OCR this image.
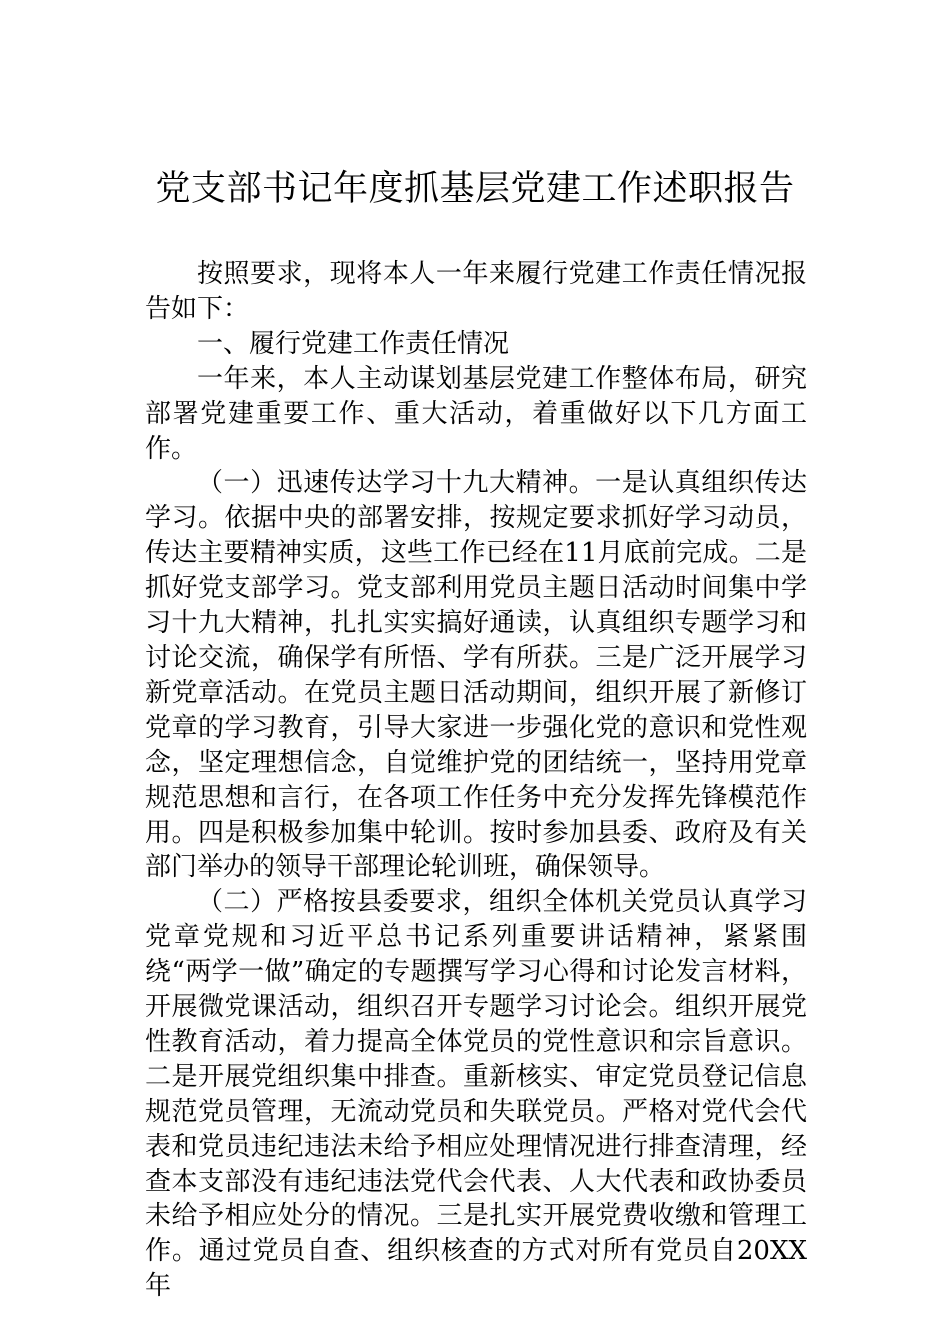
党支部书记年度抓基层党建工作述职报告

按照要求，现将本人一年来履行党建工作责任情况报告如下：

一、履行党建工作责任情况

一年来，本人主动谋划基层党建工作整体布局，研究部署党建重要工作、重大活动，着重做好以下几方面工作。

（一）迅速传达学习十九大精神。一是认真组织传达学习。依据中央的部署安排，按规定要求抓好学习动员，传达主要精神实质，这些工作已经在11月底前完成。二是抓好党支部学习。党支部利用党员主题日活动时间集中学习十九大精神，扎扎实实搞好通读，认真组织专题学习和讨论交流，确保学有所悟、学有所获。三是广泛开展学习新党章活动。在党员主题日活动期间，组织开展了新修订党章的学习教育，引导大家进一步强化党的意识和党性观念，坚定理想信念，自觉维护党的团结统一，坚持用党章规范思想和言行，在各项工作任务中充分发挥先锋模范作用。四是积极参加集中轮训。按时参加县委、政府及有关部门举办的领导干部理论轮训班，确保领导。

（二）严格按县委要求，组织全体机关党员认真学习党章党规和习近平总书记系列重要讲话精神，紧紧围绕“两学一做”确定的专题撰写学习心得和讨论发言材料，开展微党课活动，组织召开专题学习讨论会。组织开展党性教育活动，着力提高全体党员的党性意识和宗旨意识。二是开展党组织集中排查。重新核实、审定党员登记信息规范党员管理，无流动党员和失联党员。严格对党代会代表和党员违纪违法未给予相应处理情况进行排查清理，经查本支部没有违纪违法党代会代表、人大代表和政协委员未给予相应处分的情况。三是扎实开展党费收缴和管理工作。通过党员自查、组织核查的方式对所有党员自20XX年
